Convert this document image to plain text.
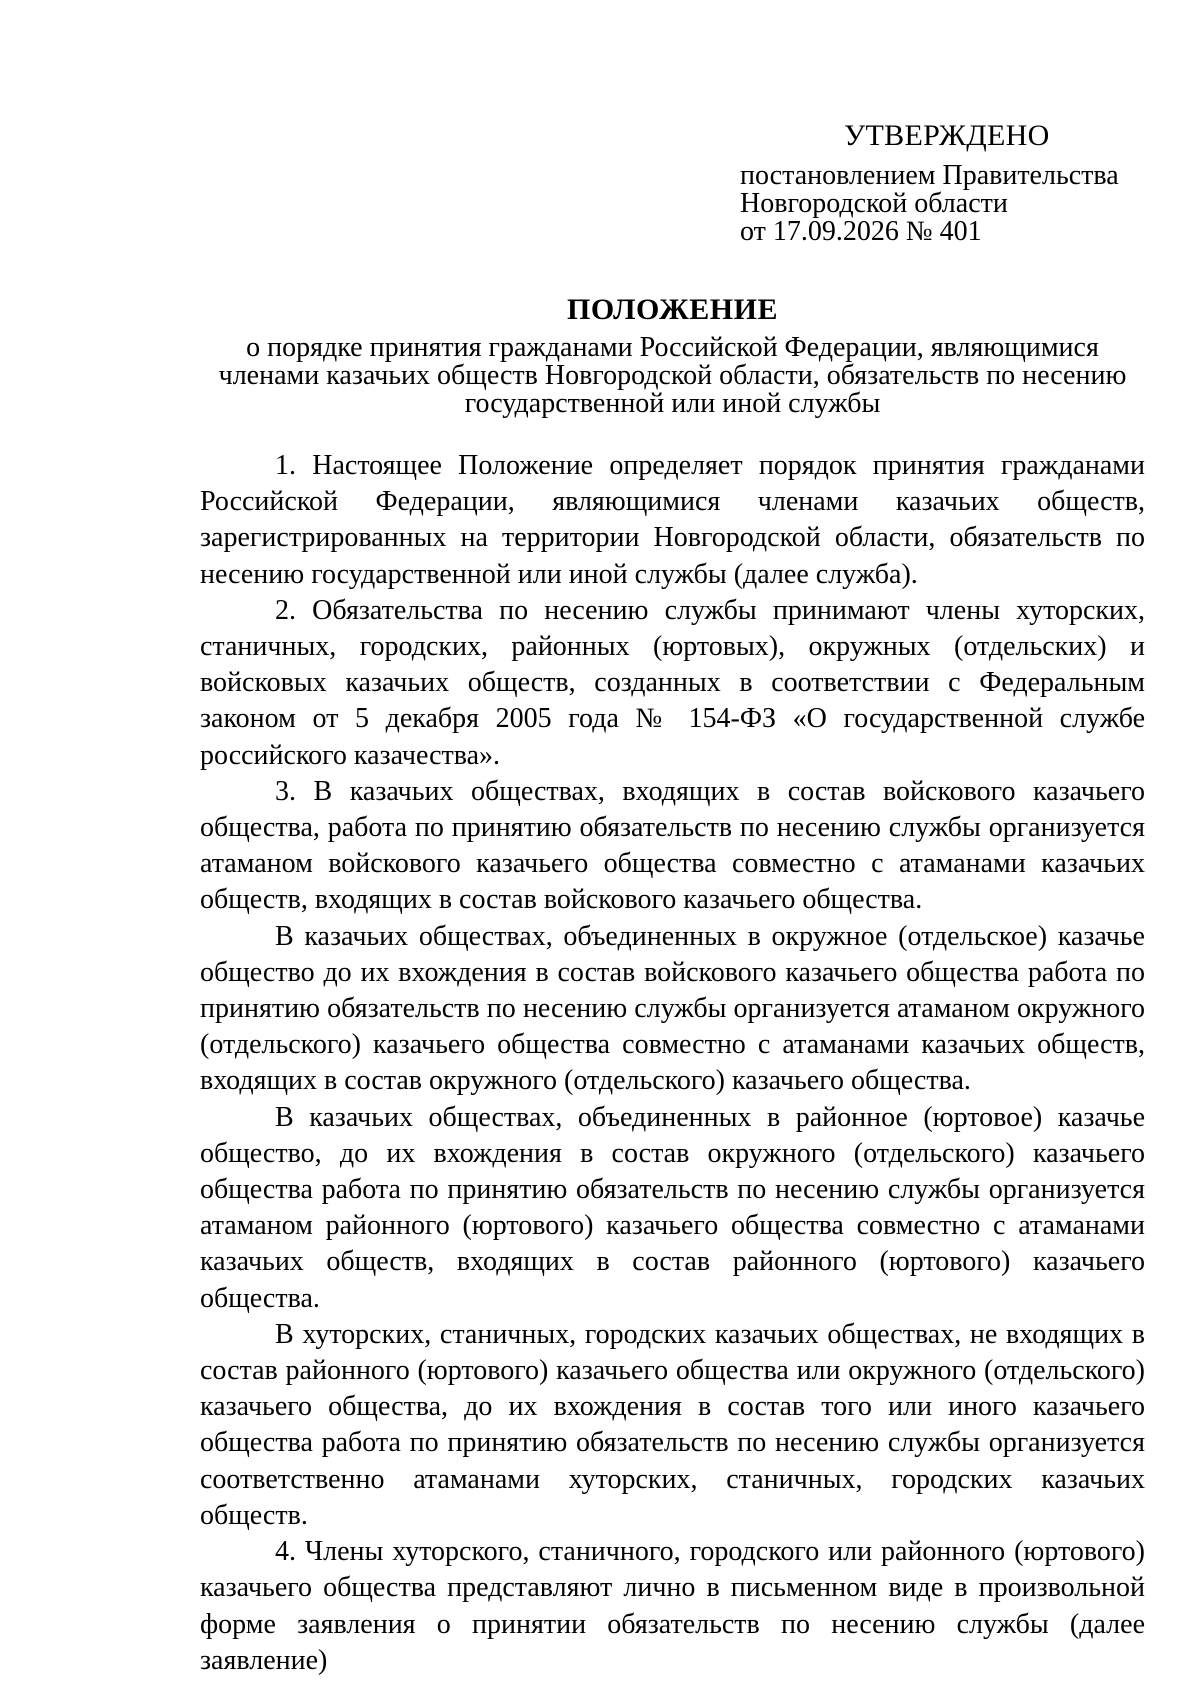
УТВЕРЖДЕНО
постановлением Правительства
Новгородской области
от 17.09.2026 № 401
ПОЛОЖЕНИЕ
о порядке принятия гражданами Российской Федерации, являющимися
членами казачьих обществ Новгородской области, обязательств по несению
государственной или иной службы

1. Настоящее Положение определяет порядок принятия гражданами Российской Федерации, являющимися членами казачьих обществ, зарегистрированных на территории Новгородской области, обязательств по несению государственной или иной службы (далее служба).

2. Обязательства по несению службы принимают члены хуторских, станичных, городских, районных (юртовых), окружных (отдельских) и войсковых казачьих обществ, созданных в соответствии с Федеральным законом от 5 декабря 2005 года № 154-ФЗ «О государственной службе российского казачества».

3. В казачьих обществах, входящих в состав войскового казачьего общества, работа по принятию обязательств по несению службы организуется атаманом войскового казачьего общества совместно с атаманами казачьих обществ, входящих в состав войскового казачьего общества.

В казачьих обществах, объединенных в окружное (отдельское) казачье общество до их вхождения в состав войскового казачьего общества работа по принятию обязательств по несению службы организуется атаманом окружного (отдельского) казачьего общества совместно с атаманами казачьих обществ, входящих в состав окружного (отдельского) казачьего общества.

В казачьих обществах, объединенных в районное (юртовое) казачье общество, до их вхождения в состав окружного (отдельского) казачьего общества работа по принятию обязательств по несению службы организуется атаманом районного (юртового) казачьего общества совместно с атаманами казачьих обществ, входящих в состав районного (юртового) казачьего общества.

В хуторских, станичных, городских казачьих обществах, не входящих в состав районного (юртового) казачьего общества или окружного (отдельского) казачьего общества, до их вхождения в состав того или иного казачьего общества работа по принятию обязательств по несению службы организуется соответственно атаманами хуторских, станичных, городских казачьих обществ.

4. Члены хуторского, станичного, городского или районного (юртового) казачьего общества представляют лично в письменном виде в произвольной форме заявления о принятии обязательств по несению службы (далее заявление)
